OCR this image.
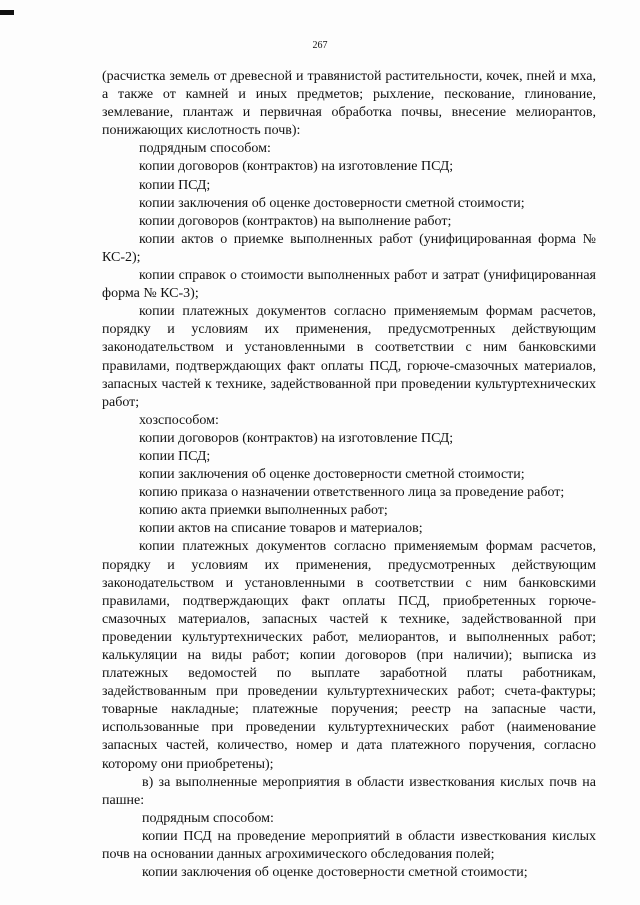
267

(расчистка земель от древесной и травянистой растительности, кочек, пней и мха, а также от камней и иных предметов; рыхление, пескование, глинование, землевание, плантаж и первичная обработка почвы, внесение мелиорантов, понижающих кислотность почв):

подрядным способом:

копии договоров (контрактов) на изготовление ПСД;

копии ПСД;

копии заключения об оценке достоверности сметной стоимости;

копии договоров (контрактов) на выполнение работ;

копии актов о приемке выполненных работ (унифицированная форма № КС-2);

копии справок о стоимости выполненных работ и затрат (унифицированная форма № КС-3);

копии платежных документов согласно применяемым формам расчетов, порядку и условиям их применения, предусмотренных действующим законодательством и установленными в соответствии с ним банковскими правилами, подтверждающих факт оплаты ПСД, горюче-смазочных материалов, запасных частей к технике, задействованной при проведении культуртехнических работ;

хозспособом:

копии договоров (контрактов) на изготовление ПСД;

копии ПСД;

копии заключения об оценке достоверности сметной стоимости;

копию приказа о назначении ответственного лица за проведение работ;

копию акта приемки выполненных работ;

копии актов на списание товаров и материалов;

копии платежных документов согласно применяемым формам расчетов, порядку и условиям их применения, предусмотренных действующим законодательством и установленными в соответствии с ним банковскими правилами, подтверждающих факт оплаты ПСД, приобретенных горюче-смазочных материалов, запасных частей к технике, задействованной при проведении культуртехнических работ, мелиорантов, и выполненных работ; калькуляции на виды работ; копии договоров (при наличии); выписка из платежных ведомостей по выплате заработной платы работникам, задействованным при проведении культуртехнических работ; счета-фактуры; товарные накладные; платежные поручения; реестр на запасные части, использованные при проведении культуртехнических работ (наименование запасных частей, количество, номер и дата платежного поручения, согласно которому они приобретены);

в) за выполненные мероприятия в области известкования кислых почв на пашне:

подрядным способом:

копии ПСД на проведение мероприятий в области известкования кислых почв на основании данных агрохимического обследования полей;

копии заключения об оценке достоверности сметной стоимости;
